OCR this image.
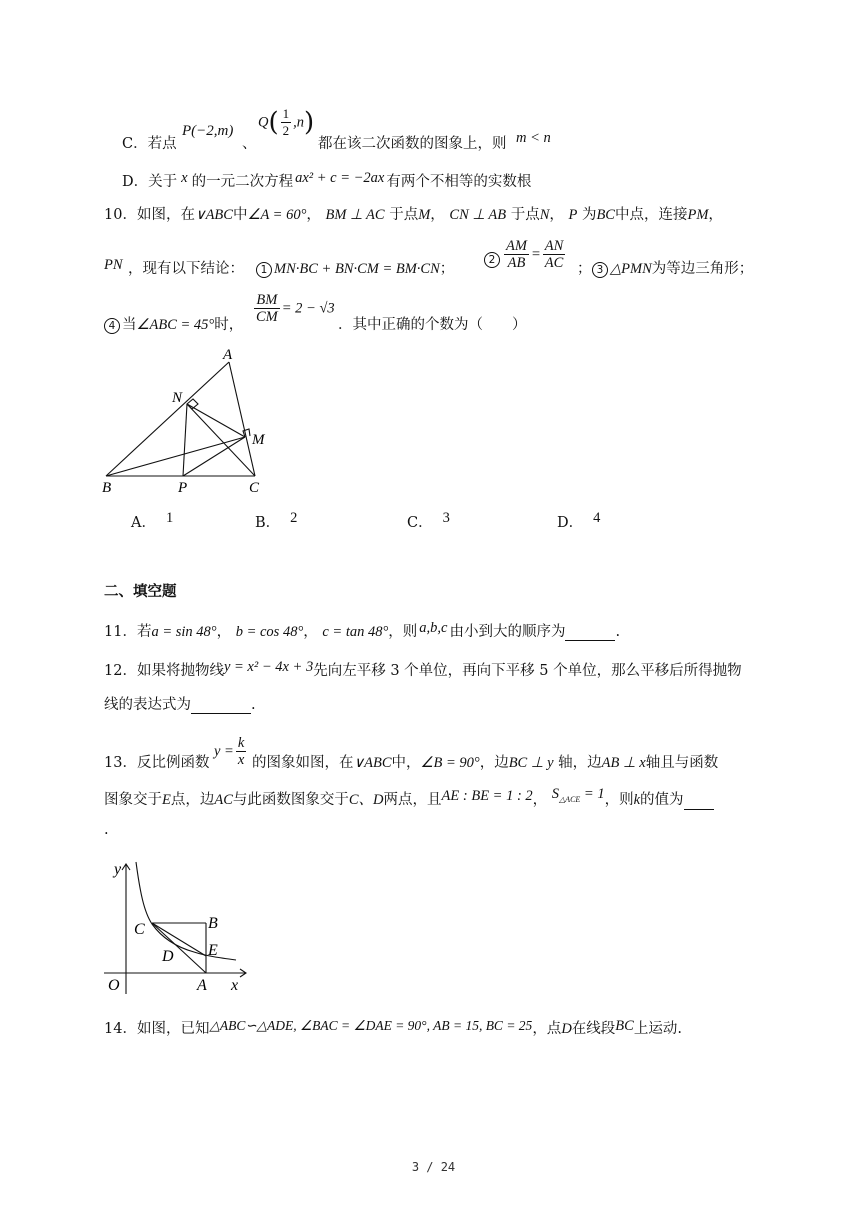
C．若点
P(−2,m)
、
$Q( \frac{1}{2} ,n)$
都在该二次函数的图象上，则 m < n
D．关于 x 的一元二次方程 ax² + c = −2ax 有两个不相等的实数根
10．如图，在∨ABC中∠A = 60°， BM ⊥ AC 于点M， CN ⊥ AB 于点N， P 为BC中点，连接PM，
PN ，现有以下结论：	1 MN·BC + BN·CM = BM·CN；
$2 \frac{AM}{AB} = \frac{AN}{AC}$ ； 3 △PMN为等边三角形；
4 当∠ABC = 45°时， $\frac{BM}{CM} = 2 - √3$
．其中正确的个数为（　　）
A
B	C
M
N
P
A． 1	B． 2	C． 3	D． 4
二、填空题
11．若a = sin 48°， b = cos 48°， c = tan 48°，则 a,b,c 由小到大的顺序为	.
12．如果将抛物线y = x² − 4x + 3先向左平移 3 个单位，再向下平移 5 个单位，那么平移后所得抛物
线的表达式为	.
13．反比例函数
$y = \frac{k}{x}$ 的图象如图，在∨ABC中，∠B = 90°，边BC ⊥ y 轴，边AB ⊥ x轴且与函数
图象交于E点，边AC与此函数图象交于C、D两点，且AE : BE = 1 : 2， $S_{\triangle ACE} = 1$，则k的值为
.
y
x
O	A
B
C
D E
14．如图，已知△ABC∽△ADE, ∠BAC = ∠DAE = 90°, AB = 15, BC = 25，点D在线段BC上运动.
3 / 24
